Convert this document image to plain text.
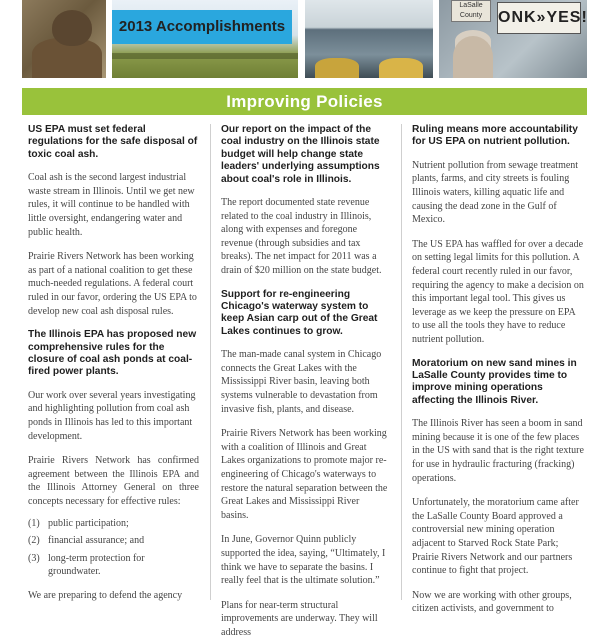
2013 Accomplishments
LaSalle County ONK»YES!
Improving Policies
US EPA must set federal regulations for the safe disposal of toxic coal ash.
Coal ash is the second largest industrial waste stream in Illinois. Until we get new rules, it will continue to be handled with little oversight, endangering water and public health.
Prairie Rivers Network has been working as part of a national coalition to get these much-needed regulations. A federal court ruled in our favor, ordering the US EPA to develop new coal ash disposal rules.
The Illinois EPA has proposed new comprehensive rules for the closure of coal ash ponds at coal-fired power plants.
Our work over several years investigating and highlighting pollution from coal ash ponds in Illinois has led to this important development.
Prairie Rivers Network has confirmed agreement between the Illinois EPA and the Illinois Attorney General on three concepts necessary for effective rules:
(1) public participation;
(2) financial assurance; and
(3) long-term protection for groundwater.
We are preparing to defend the agency
Our report on the impact of the coal industry on the Illinois state budget will help change state leaders' underlying assumptions about coal's role in Illinois.
The report documented state revenue related to the coal industry in Illinois, along with expenses and foregone revenue (through subsidies and tax breaks). The net impact for 2011 was a drain of $20 million on the state budget.
Support for re-engineering Chicago's waterway system to keep Asian carp out of the Great Lakes continues to grow.
The man-made canal system in Chicago connects the Great Lakes with the Mississippi River basin, leaving both systems vulnerable to devastation from invasive fish, plants, and disease.
Prairie Rivers Network has been working with a coalition of Illinois and Great Lakes organizations to promote major re-engineering of Chicago's waterways to restore the natural separation between the Great Lakes and Mississippi River basins.
In June, Governor Quinn publicly supported the idea, saying, “Ultimately, I think we have to separate the basins. I really feel that is the ultimate solution.”
Plans for near-term structural improvements are underway. They will address
Ruling means more accountability for US EPA on nutrient pollution.
Nutrient pollution from sewage treatment plants, farms, and city streets is fouling Illinois waters, killing aquatic life and causing the dead zone in the Gulf of Mexico.
The US EPA has waffled for over a decade on setting legal limits for this pollution. A federal court recently ruled in our favor, requiring the agency to make a decision on this important legal tool. This gives us leverage as we keep the pressure on EPA to use all the tools they have to reduce nutrient pollution.
Moratorium on new sand mines in LaSalle County provides time to improve mining operations affecting the Illinois River.
The Illinois River has seen a boom in sand mining because it is one of the few places in the US with sand that is the right texture for use in hydraulic fracturing (fracking) operations.
Unfortunately, the moratorium came after the LaSalle County Board approved a controversial new mining operation adjacent to Starved Rock State Park; Prairie Rivers Network and our partners continue to fight that project.
Now we are working with other groups, citizen activists, and government to
